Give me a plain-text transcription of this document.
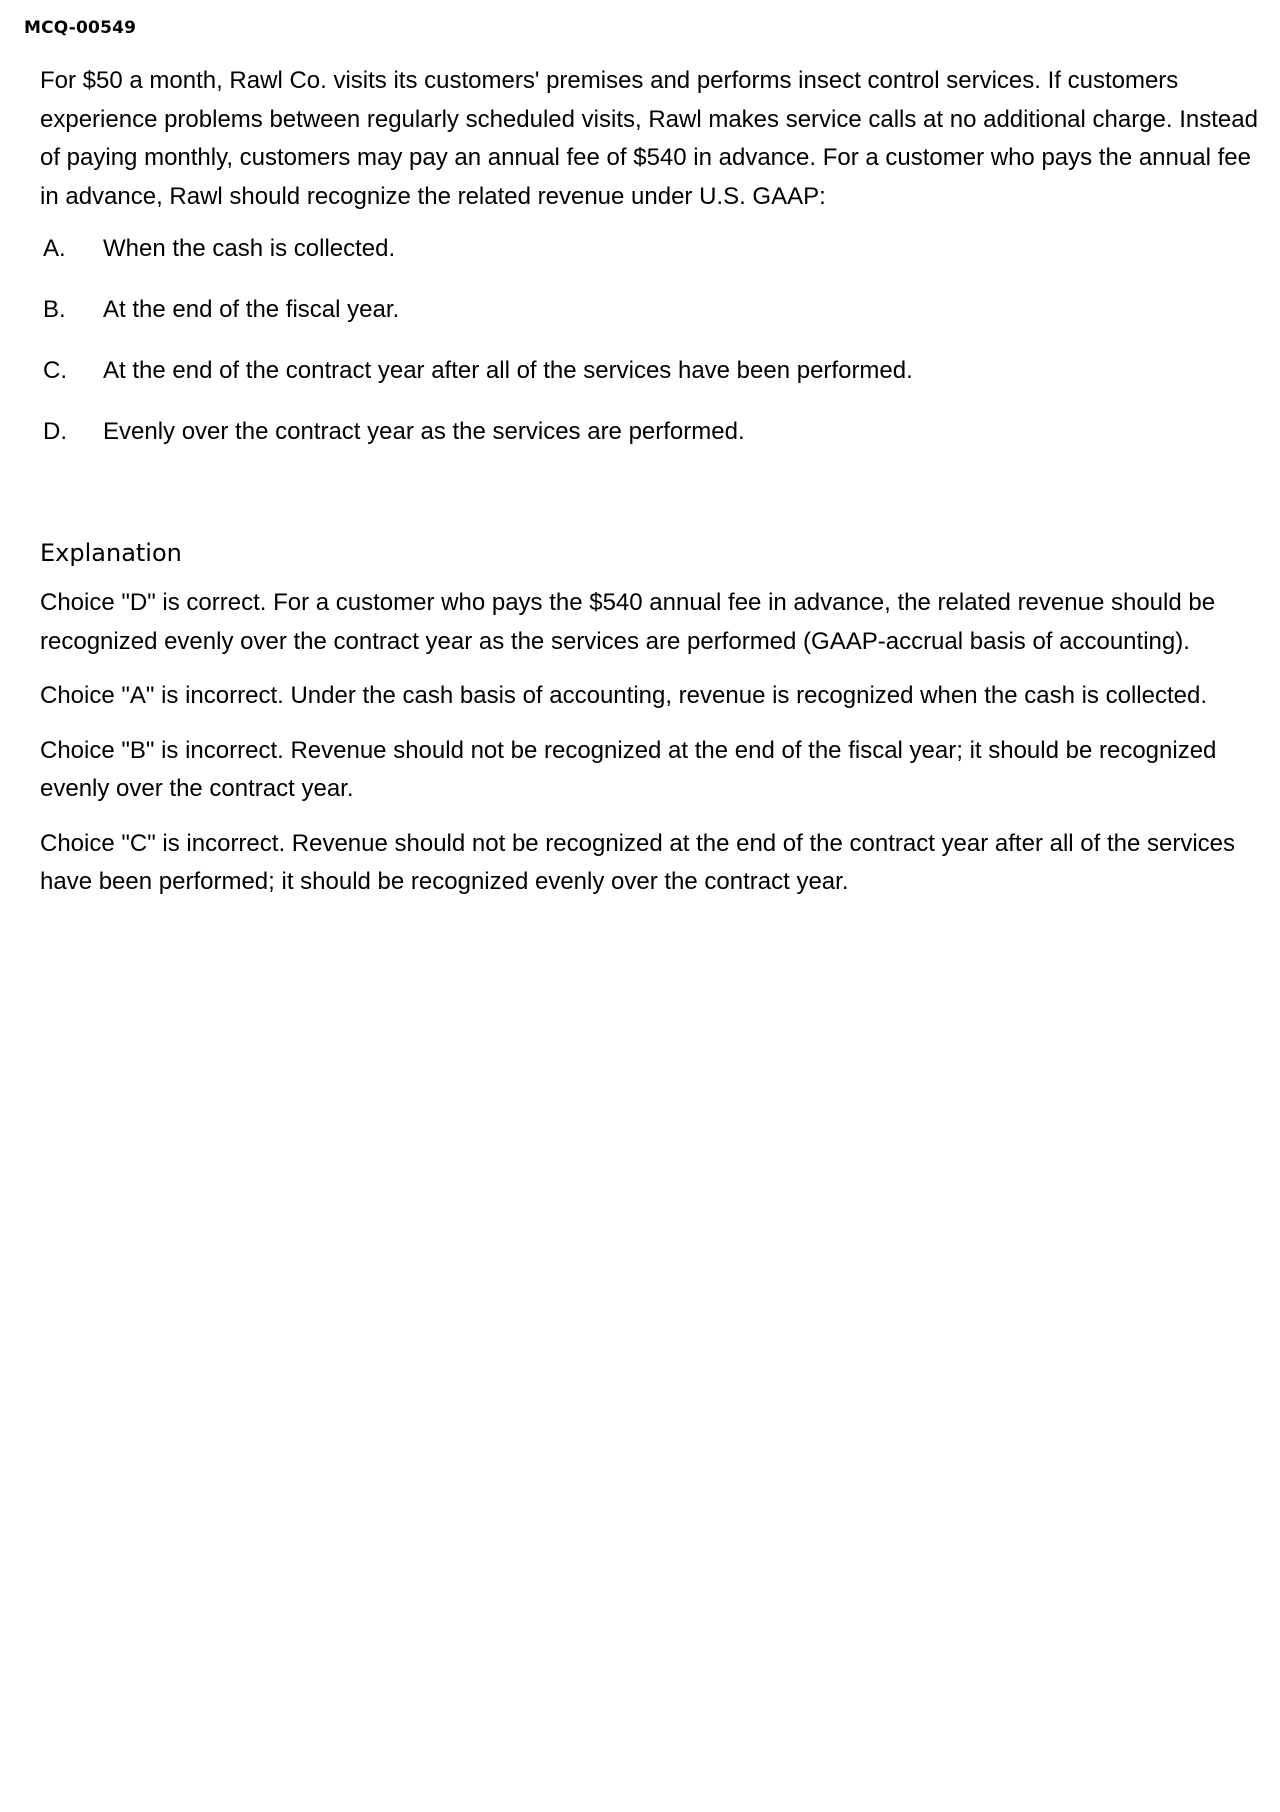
MCQ-00549

For $50 a month, Rawl Co. visits its customers' premises and performs insect control services. If customers experience problems between regularly scheduled visits, Rawl makes service calls at no additional charge. Instead of paying monthly, customers may pay an annual fee of $540 in advance. For a customer who pays the annual fee in advance, Rawl should recognize the related revenue under U.S. GAAP:

A.	When the cash is collected.
B.	At the end of the fiscal year.
C.	At the end of the contract year after all of the services have been performed.
D.	Evenly over the contract year as the services are performed.
Explanation

Choice "D" is correct. For a customer who pays the $540 annual fee in advance, the related revenue should be recognized evenly over the contract year as the services are performed (GAAP-accrual basis of accounting).

Choice "A" is incorrect. Under the cash basis of accounting, revenue is recognized when the cash is collected.

Choice "B" is incorrect. Revenue should not be recognized at the end of the fiscal year; it should be recognized evenly over the contract year.

Choice "C" is incorrect. Revenue should not be recognized at the end of the contract year after all of the services have been performed; it should be recognized evenly over the contract year.
